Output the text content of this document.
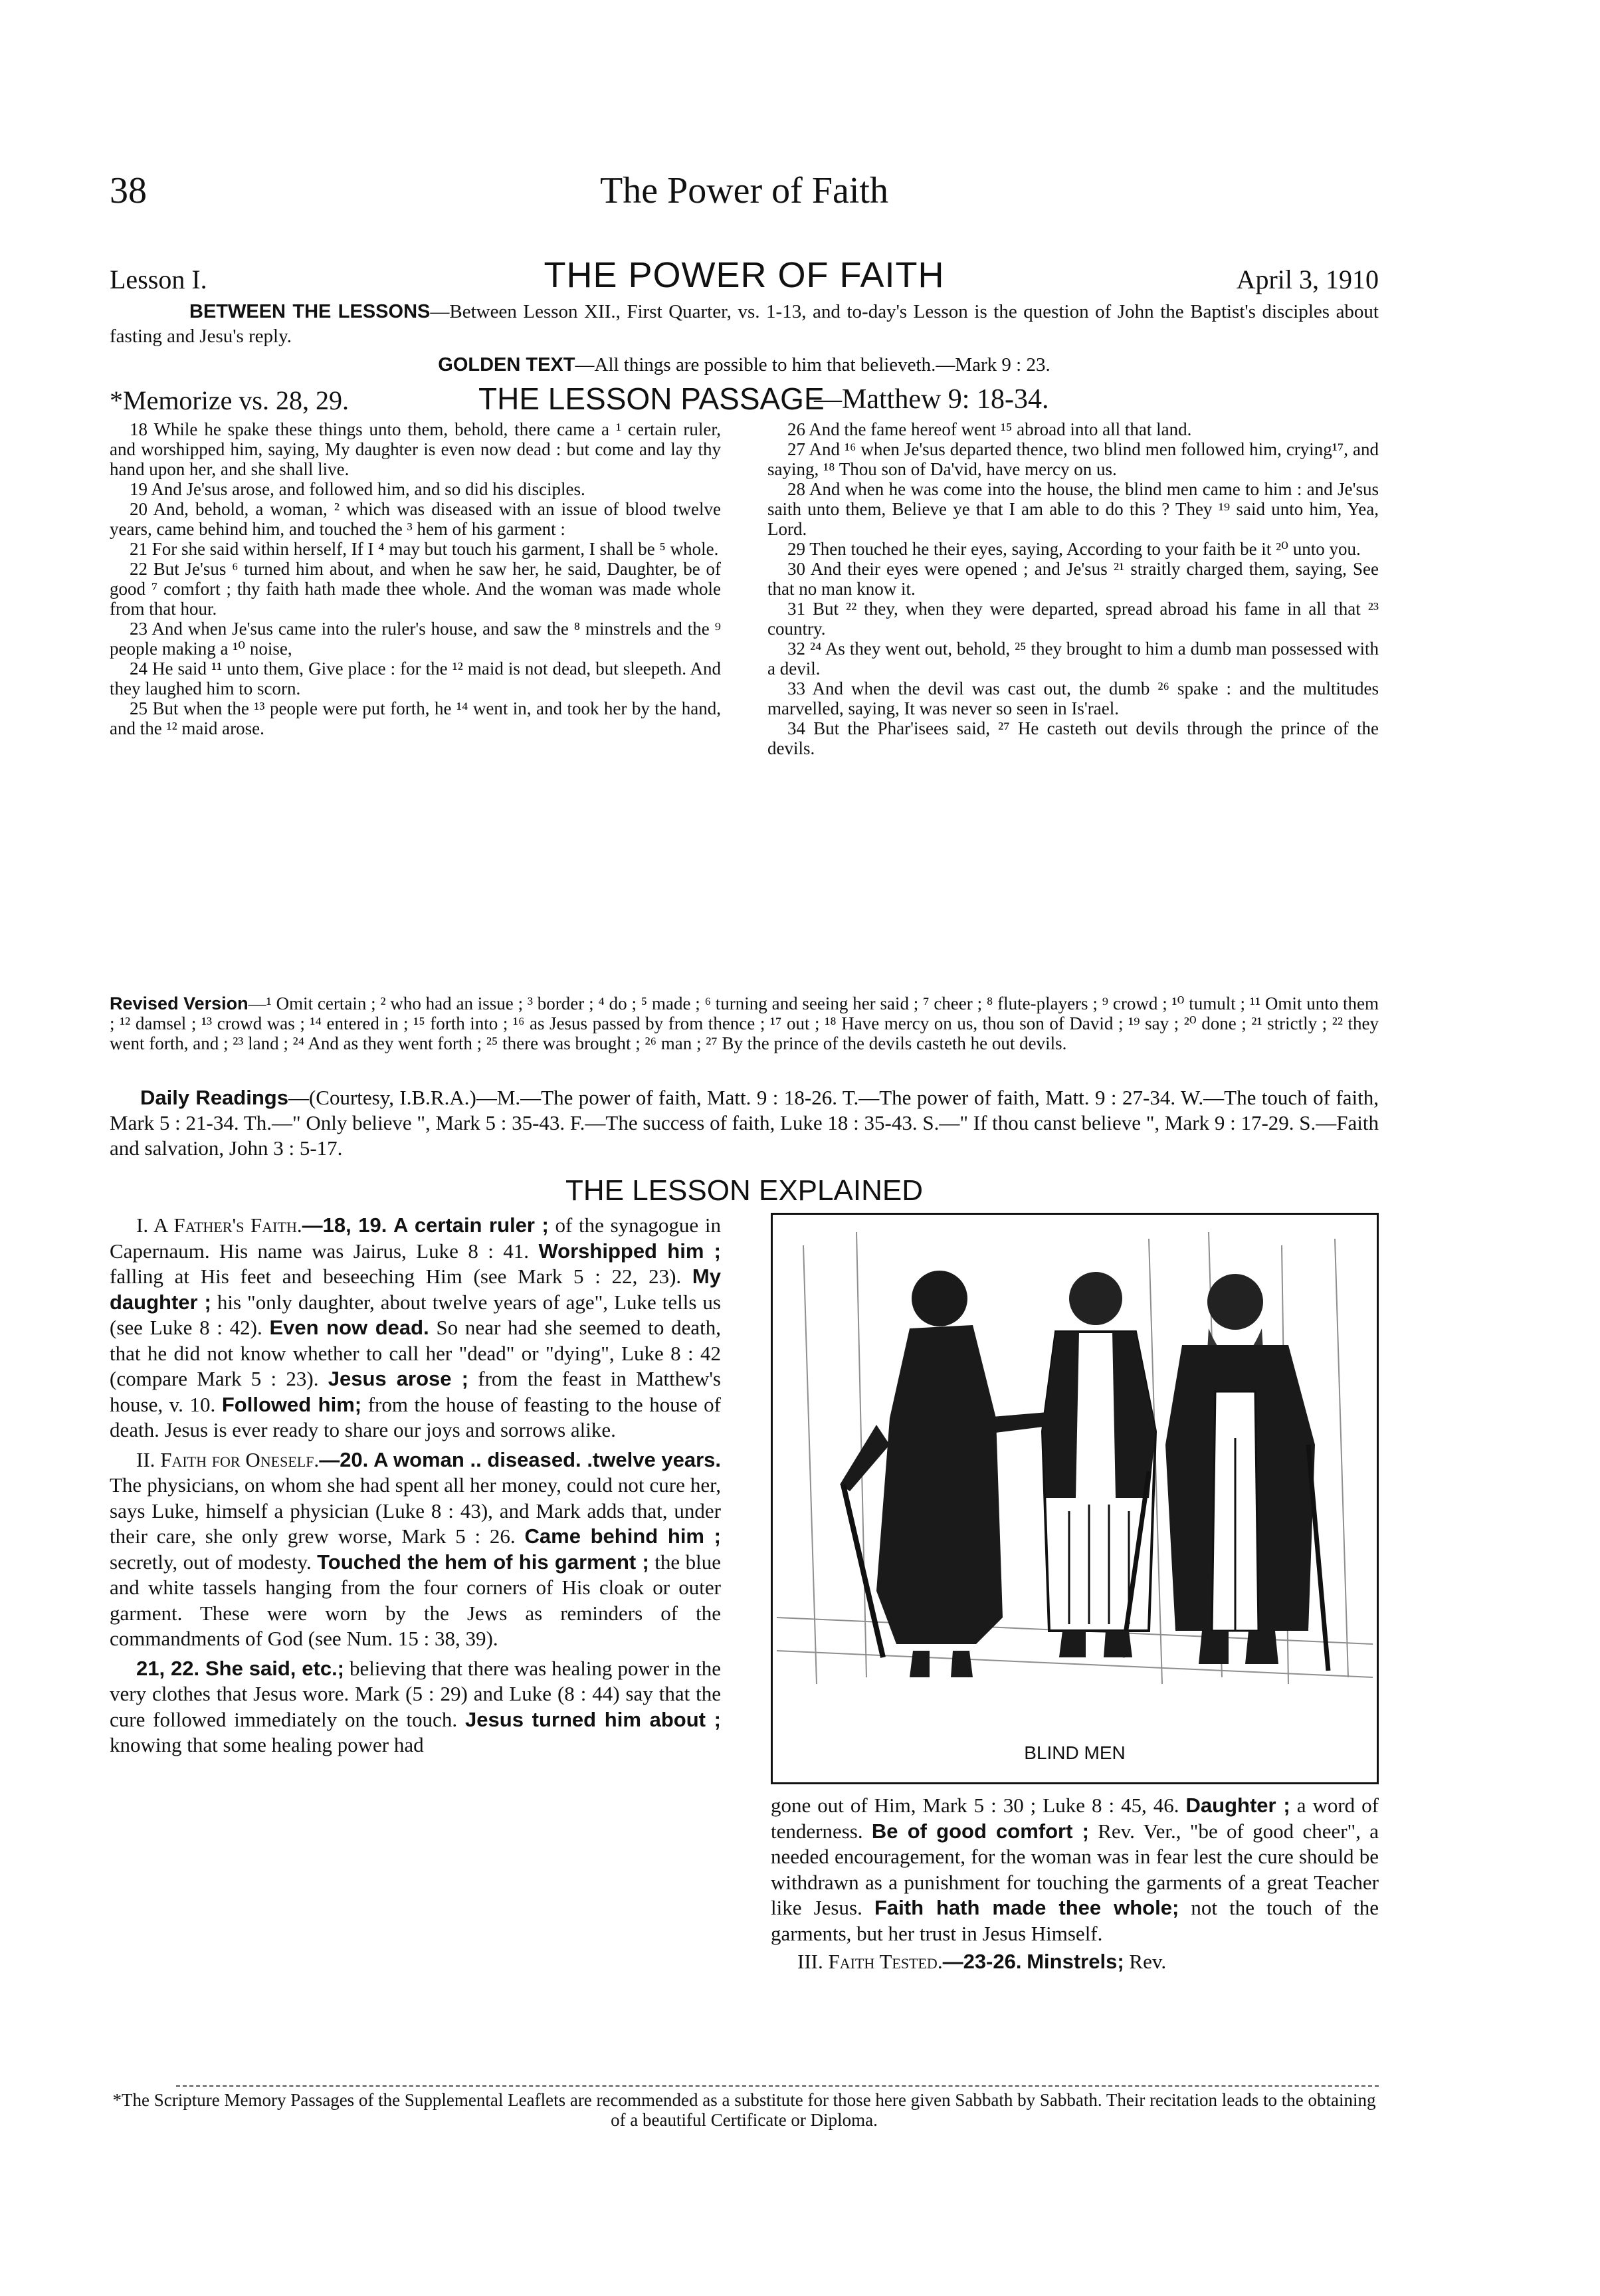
38	The Power of Faith
Lesson I.	THE POWER OF FAITH	April 3, 1910
BETWEEN THE LESSONS—Between Lesson XII., First Quarter, vs. 1-13, and to-day's Lesson is the question of John the Baptist's disciples about fasting and Jesu's reply.
GOLDEN TEXT—All things are possible to him that believeth.—Mark 9 : 23.
*Memorize vs. 28, 29.	THE LESSON PASSAGE
—Matthew 9: 18-34.

18 While he spake these things unto them, behold, there came a ¹ certain ruler, and worshipped him, saying, My daughter is even now dead : but come and lay thy hand upon her, and she shall live.

19 And Je'sus arose, and followed him, and so did his disciples.

20 And, behold, a woman, ² which was diseased with an issue of blood twelve years, came behind him, and touched the ³ hem of his garment :

21 For she said within herself, If I ⁴ may but touch his garment, I shall be ⁵ whole.

22 But Je'sus ⁶ turned him about, and when he saw her, he said, Daughter, be of good ⁷ comfort ; thy faith hath made thee whole. And the woman was made whole from that hour.

23 And when Je'sus came into the ruler's house, and saw the ⁸ minstrels and the ⁹ people making a ¹⁰ noise,

24 He said ¹¹ unto them, Give place : for the ¹² maid is not dead, but sleepeth. And they laughed him to scorn.

25 But when the ¹³ people were put forth, he ¹⁴ went in, and took her by the hand, and the ¹² maid arose.

26 And the fame hereof went ¹⁵ abroad into all that land.

27 And ¹⁶ when Je'sus departed thence, two blind men followed him, crying¹⁷, and saying, ¹⁸ Thou son of Da'vid, have mercy on us.

28 And when he was come into the house, the blind men came to him : and Je'sus saith unto them, Believe ye that I am able to do this ? They ¹⁹ said unto him, Yea, Lord.

29 Then touched he their eyes, saying, According to your faith be it ²⁰ unto you.

30 And their eyes were opened ; and Je'sus ²¹ straitly charged them, saying, See that no man know it.

31 But ²² they, when they were departed, spread abroad his fame in all that ²³ country.

32 ²⁴ As they went out, behold, ²⁵ they brought to him a dumb man possessed with a devil.

33 And when the devil was cast out, the dumb ²⁶ spake : and the multitudes marvelled, saying, It was never so seen in Is'rael.

34 But the Phar'isees said, ²⁷ He casteth out devils through the prince of the devils.

Revised Version—¹ Omit certain ; ² who had an issue ; ³ border ; ⁴ do ; ⁵ made ; ⁶ turning and seeing her said ; ⁷ cheer ; ⁸ flute-players ; ⁹ crowd ; ¹⁰ tumult ; ¹¹ Omit unto them ; ¹² damsel ; ¹³ crowd was ; ¹⁴ entered in ; ¹⁵ forth into ; ¹⁶ as Jesus passed by from thence ; ¹⁷ out ; ¹⁸ Have mercy on us, thou son of David ; ¹⁹ say ; ²⁰ done ; ²¹ strictly ; ²² they went forth, and ; ²³ land ; ²⁴ And as they went forth ; ²⁵ there was brought ; ²⁶ man ; ²⁷ By the prince of the devils casteth he out devils.
Daily Readings—(Courtesy, I.B.R.A.)—M.—The power of faith, Matt. 9 : 18-26. T.—The power of faith, Matt. 9 : 27-34. W.—The touch of faith, Mark 5 : 21-34. Th.—" Only believe ", Mark 5 : 35-43. F.—The success of faith, Luke 18 : 35-43. S.—" If thou canst believe ", Mark 9 : 17-29. S.—Faith and salvation, John 3 : 5-17.
THE LESSON EXPLAINED

I. A Father's Faith.—18, 19. A certain ruler ; of the synagogue in Capernaum. His name was Jairus, Luke 8 : 41. Worshipped him ; falling at His feet and beseeching Him (see Mark 5 : 22, 23). My daughter ; his "only daughter, about twelve years of age", Luke tells us (see Luke 8 : 42). Even now dead. So near had she seemed to death, that he did not know whether to call her "dead" or "dying", Luke 8 : 42 (compare Mark 5 : 23). Jesus arose ; from the feast in Matthew's house, v. 10. Followed him; from the house of feasting to the house of death. Jesus is ever ready to share our joys and sorrows alike.

II. Faith for Oneself.—20. A woman .. diseased. .twelve years. The physicians, on whom she had spent all her money, could not cure her, says Luke, himself a physician (Luke 8 : 43), and Mark adds that, under their care, she only grew worse, Mark 5 : 26. Came behind him ; secretly, out of modesty. Touched the hem of his garment ; the blue and white tassels hanging from the four corners of His cloak or outer garment. These were worn by the Jews as reminders of the commandments of God (see Num. 15 : 38, 39).

21, 22. She said, etc.; believing that there was healing power in the very clothes that Jesus wore. Mark (5 : 29) and Luke (8 : 44) say that the cure followed immediately on the touch. Jesus turned him about ; knowing that some healing power had	BLIND MEN

gone out of Him, Mark 5 : 30 ; Luke 8 : 45, 46. Daughter ; a word of tenderness. Be of good comfort ; Rev. Ver., "be of good cheer", a needed encouragement, for the woman was in fear lest the cure should be withdrawn as a punishment for touching the garments of a great Teacher like Jesus. Faith hath made thee whole; not the touch of the garments, but her trust in Jesus Himself.

III. Faith Tested.—23-26. Minstrels; Rev.

*The Scripture Memory Passages of the Supplemental Leaflets are recommended as a substitute for those here given Sabbath by Sabbath. Their recitation leads to the obtaining of a beautiful Certificate or Diploma.
